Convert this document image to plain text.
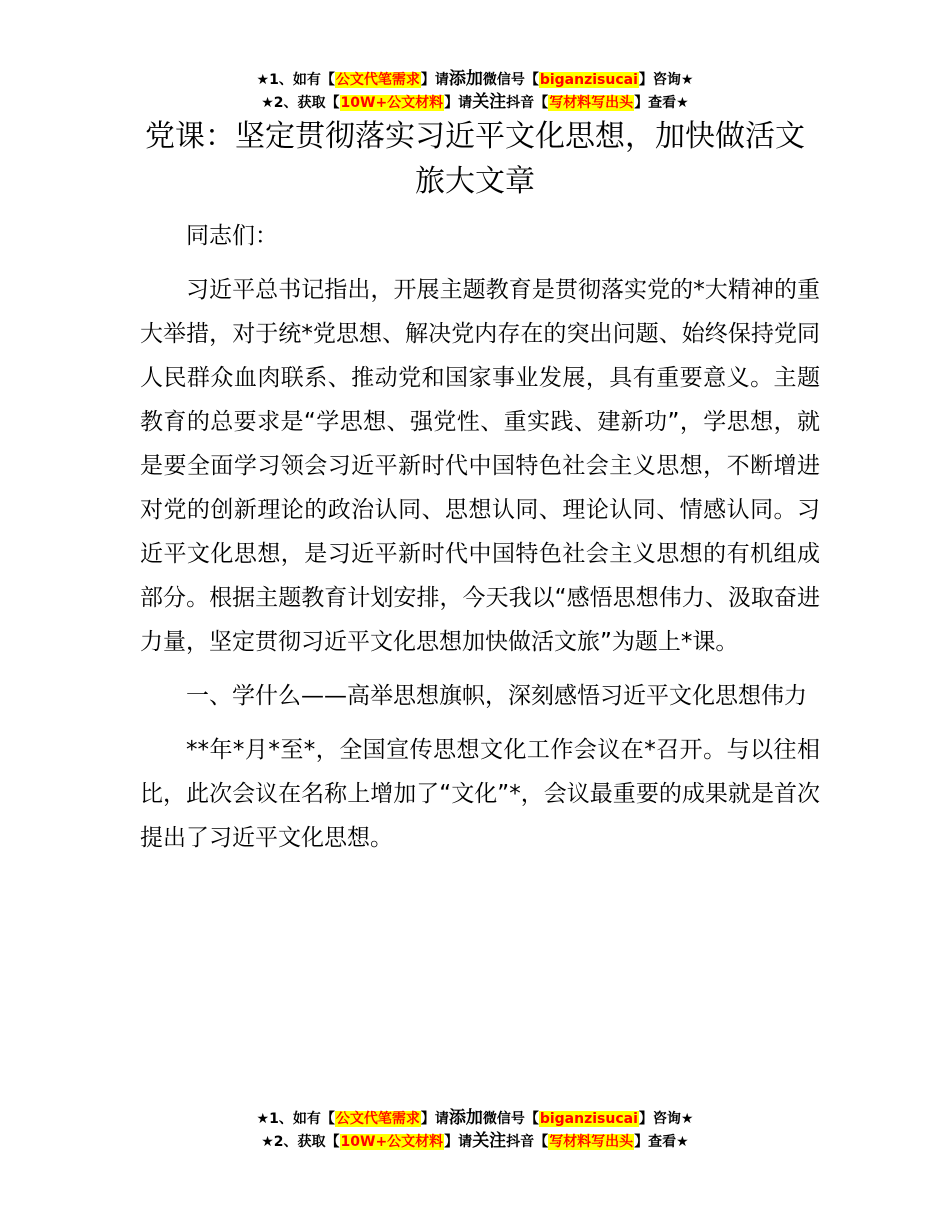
★1、如有【公文代笔需求】请添加微信号【biganzisucai】咨询★
★2、获取【10W+公文材料】请关注抖音【写材料写出头】查看★
党课：坚定贯彻落实习近平文化思想，加快做活文旅大文章

同志们：

习近平总书记指出，开展主题教育是贯彻落实党的*大精神的重大举措，对于统*党思想、解决党内存在的突出问题、始终保持党同人民群众血肉联系、推动党和国家事业发展，具有重要意义。主题教育的总要求是“学思想、强党性、重实践、建新功”，学思想，就是要全面学习领会习近平新时代中国特色社会主义思想，不断增进对党的创新理论的政治认同、思想认同、理论认同、情感认同。习近平文化思想，是习近平新时代中国特色社会主义思想的有机组成部分。根据主题教育计划安排，今天我以“感悟思想伟力、汲取奋进力量，坚定贯彻习近平文化思想加快做活文旅”为题上*课。

一、学什么——高举思想旗帜，深刻感悟习近平文化思想伟力

**年*月*至*，全国宣传思想文化工作会议在*召开。与以往相比，此次会议在名称上增加了“文化”*，会议最重要的成果就是首次提出了习近平文化思想。

★1、如有【公文代笔需求】请添加微信号【biganzisucai】咨询★
★2、获取【10W+公文材料】请关注抖音【写材料写出头】查看★
